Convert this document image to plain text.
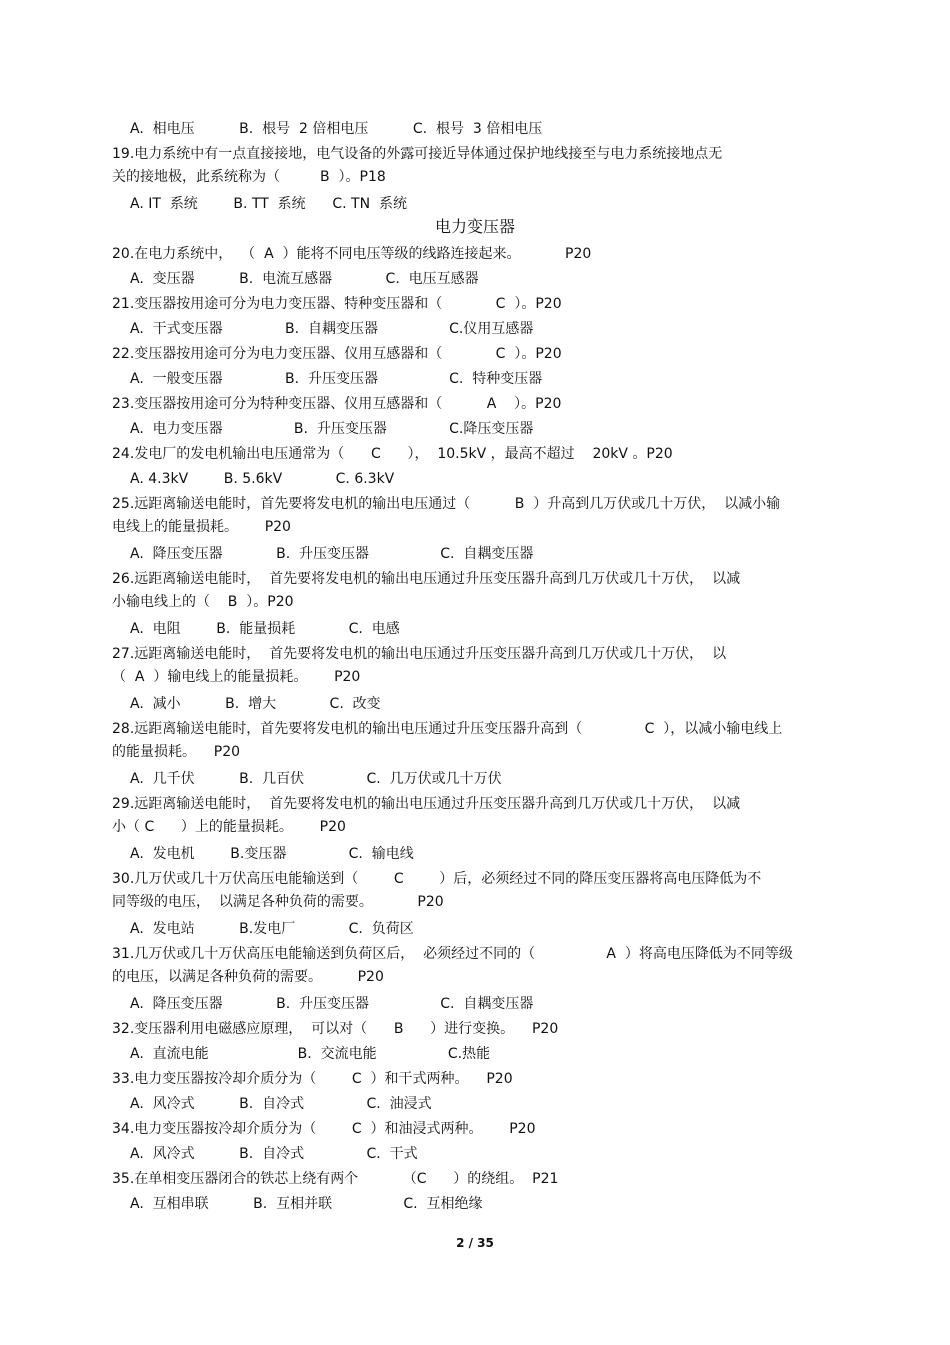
电力变压器
A.  相电压          B.  根号  2 倍相电压          C.  根号  3 倍相电压
19.电力系统中有一点直接接地，电气设备的外露可接近导体通过保护地线接至与电力系统接地点无
关的接地极，此系统称为（         B  ）。P18
A. IT  系统        B. TT  系统      C. TN  系统
20.在电力系统中，  （  A  ）能将不同电压等级的线路连接起来。          P20
A.  变压器          B.  电流互感器            C.  电压互感器
21.变压器按用途可分为电力变压器、特种变压器和（            C  ）。P20
A.  干式变压器              B.  自耦变压器                C.仪用互感器
22.变压器按用途可分为电力变压器、仪用互感器和（            C  ）。P20
A.  一般变压器              B.  升压变压器                C.  特种变压器
23.变压器按用途可分为特种变压器、仪用互感器和（          A    ）。P20
A.  电力变压器                B.  升压变压器              C.降压变压器
24.发电厂的发电机输出电压通常为（      C      ），  10.5kV ，最高不超过    20kV 。P20
A. 4.3kV        B. 5.6kV            C. 6.3kV
25.远距离输送电能时，首先要将发电机的输出电压通过（          B  ）升高到几万伏或几十万伏，  以减小输
电线上的能量损耗。      P20
A.  降压变压器            B.  升压变压器                C.  自耦变压器
26.远距离输送电能时，  首先要将发电机的输出电压通过升压变压器升高到几万伏或几十万伏，  以减
小输电线上的（    B  ）。P20
A.  电阻        B.  能量损耗            C.  电感
27.远距离输送电能时，  首先要将发电机的输出电压通过升压变压器升高到几万伏或几十万伏，  以
（  A  ）输电线上的能量损耗。      P20
A.  减小          B.  增大            C.  改变
28.远距离输送电能时，首先要将发电机的输出电压通过升压变压器升高到（              C  ），以减小输电线上
的能量损耗。    P20
A.  几千伏          B.  几百伏              C.  几万伏或几十万伏
29.远距离输送电能时，  首先要将发电机的输出电压通过升压变压器升高到几万伏或几十万伏，  以减
小（ C      ）上的能量损耗。      P20
A.  发电机        B.变压器              C.  输电线
30.几万伏或几十万伏高压电能输送到（        C        ）后，必须经过不同的降压变压器将高电压降低为不
同等级的电压，  以满足各种负荷的需要。          P20
A.  发电站          B.发电厂            C.  负荷区
31.几万伏或几十万伏高压电能输送到负荷区后，  必须经过不同的（                A  ）将高电压降低为不同等级
的电压，以满足各种负荷的需要。        P20
A.  降压变压器            B.  升压变压器                C.  自耦变压器
32.变压器利用电磁感应原理，  可以对（      B      ）进行变换。    P20
A.  直流电能                    B.  交流电能                C.热能
33.电力变压器按冷却介质分为（        C  ）和干式两种。    P20
A.  风冷式          B.  自冷式              C.  油浸式
34.电力变压器按冷却介质分为（        C  ）和油浸式两种。      P20
A.  风冷式          B.  自冷式              C.  干式
35.在单相变压器闭合的铁芯上绕有两个          （C      ）的绕组。  P21
A.  互相串联          B.  互相并联                C.  互相绝缘
2 / 35
